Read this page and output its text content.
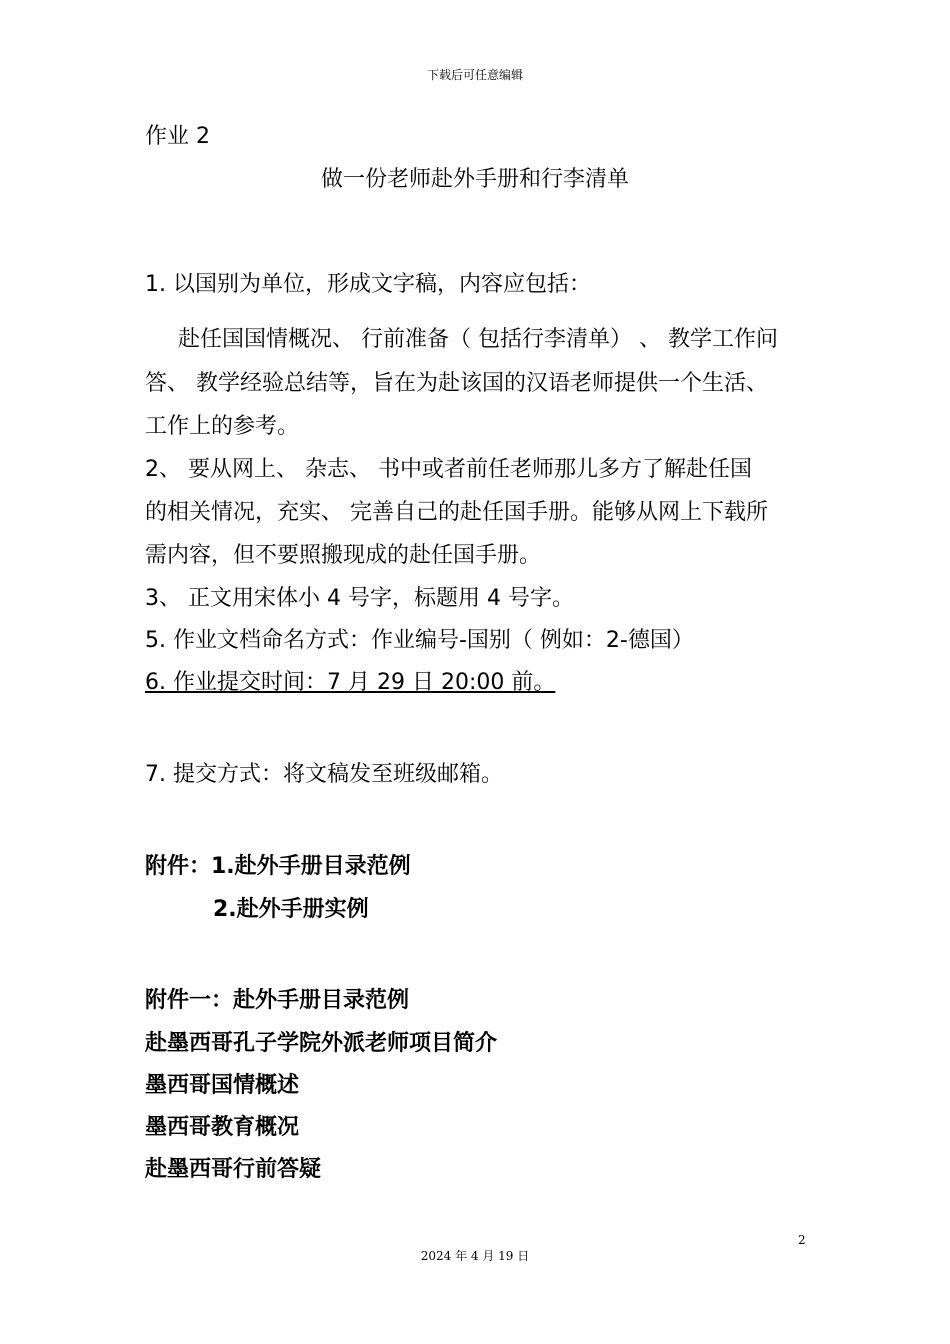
下载后可任意编辑
作业 2
做一份老师赴外手册和行李清单
1. 以国别为单位，形成文字稿，内容应包括：
赴任国国情概况、 行前准备（ 包括行李清单） 、 教学工作问
答、 教学经验总结等，旨在为赴该国的汉语老师提供一个生活、
工作上的参考。
2、 要从网上、 杂志、 书中或者前任老师那儿多方了解赴任国
的相关情况，充实、 完善自己的赴任国手册。能够从网上下载所
需内容，但不要照搬现成的赴任国手册。
3、 正文用宋体小 4 号字，标题用 4 号字。
5. 作业文档命名方式：作业编号-国别（ 例如：2-德国）
6. 作业提交时间：7 月 29 日 20:00 前。
7. 提交方式：将文稿发至班级邮箱。
附件：1.赴外手册目录范例
2.赴外手册实例
附件一：赴外手册目录范例
赴墨西哥孔子学院外派老师项目简介
墨西哥国情概述
墨西哥教育概况
赴墨西哥行前答疑
2
2024 年 4 月 19 日
